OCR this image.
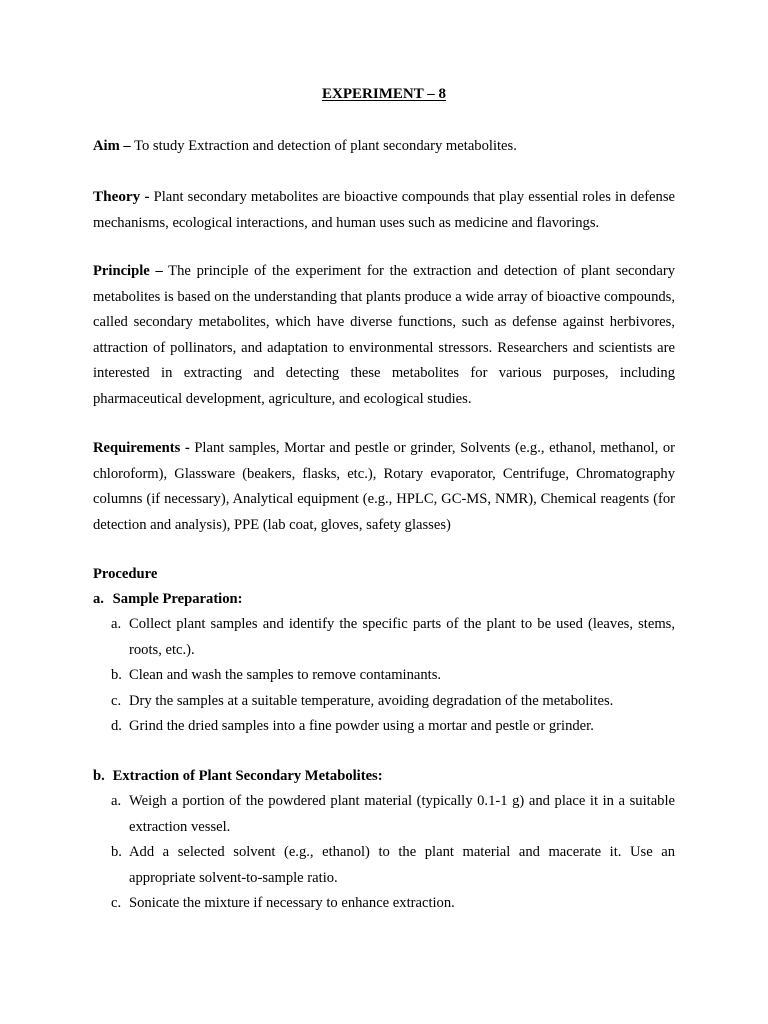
EXPERIMENT – 8

Aim – To study Extraction and detection of plant secondary metabolites.

Theory - Plant secondary metabolites are bioactive compounds that play essential roles in defense mechanisms, ecological interactions, and human uses such as medicine and flavorings.

Principle – The principle of the experiment for the extraction and detection of plant secondary metabolites is based on the understanding that plants produce a wide array of bioactive compounds, called secondary metabolites, which have diverse functions, such as defense against herbivores, attraction of pollinators, and adaptation to environmental stressors. Researchers and scientists are interested in extracting and detecting these metabolites for various purposes, including pharmaceutical development, agriculture, and ecological studies.

Requirements - Plant samples, Mortar and pestle or grinder, Solvents (e.g., ethanol, methanol, or chloroform), Glassware (beakers, flasks, etc.), Rotary evaporator, Centrifuge, Chromatography columns (if necessary), Analytical equipment (e.g., HPLC, GC-MS, NMR), Chemical reagents (for detection and analysis), PPE (lab coat, gloves, safety glasses)

Procedure
a. Sample Preparation:
a. Collect plant samples and identify the specific parts of the plant to be used (leaves, stems, roots, etc.).
b. Clean and wash the samples to remove contaminants.
c. Dry the samples at a suitable temperature, avoiding degradation of the metabolites.
d. Grind the dried samples into a fine powder using a mortar and pestle or grinder.
b. Extraction of Plant Secondary Metabolites:
a. Weigh a portion of the powdered plant material (typically 0.1-1 g) and place it in a suitable extraction vessel.
b. Add a selected solvent (e.g., ethanol) to the plant material and macerate it. Use an appropriate solvent-to-sample ratio.
c. Sonicate the mixture if necessary to enhance extraction.
